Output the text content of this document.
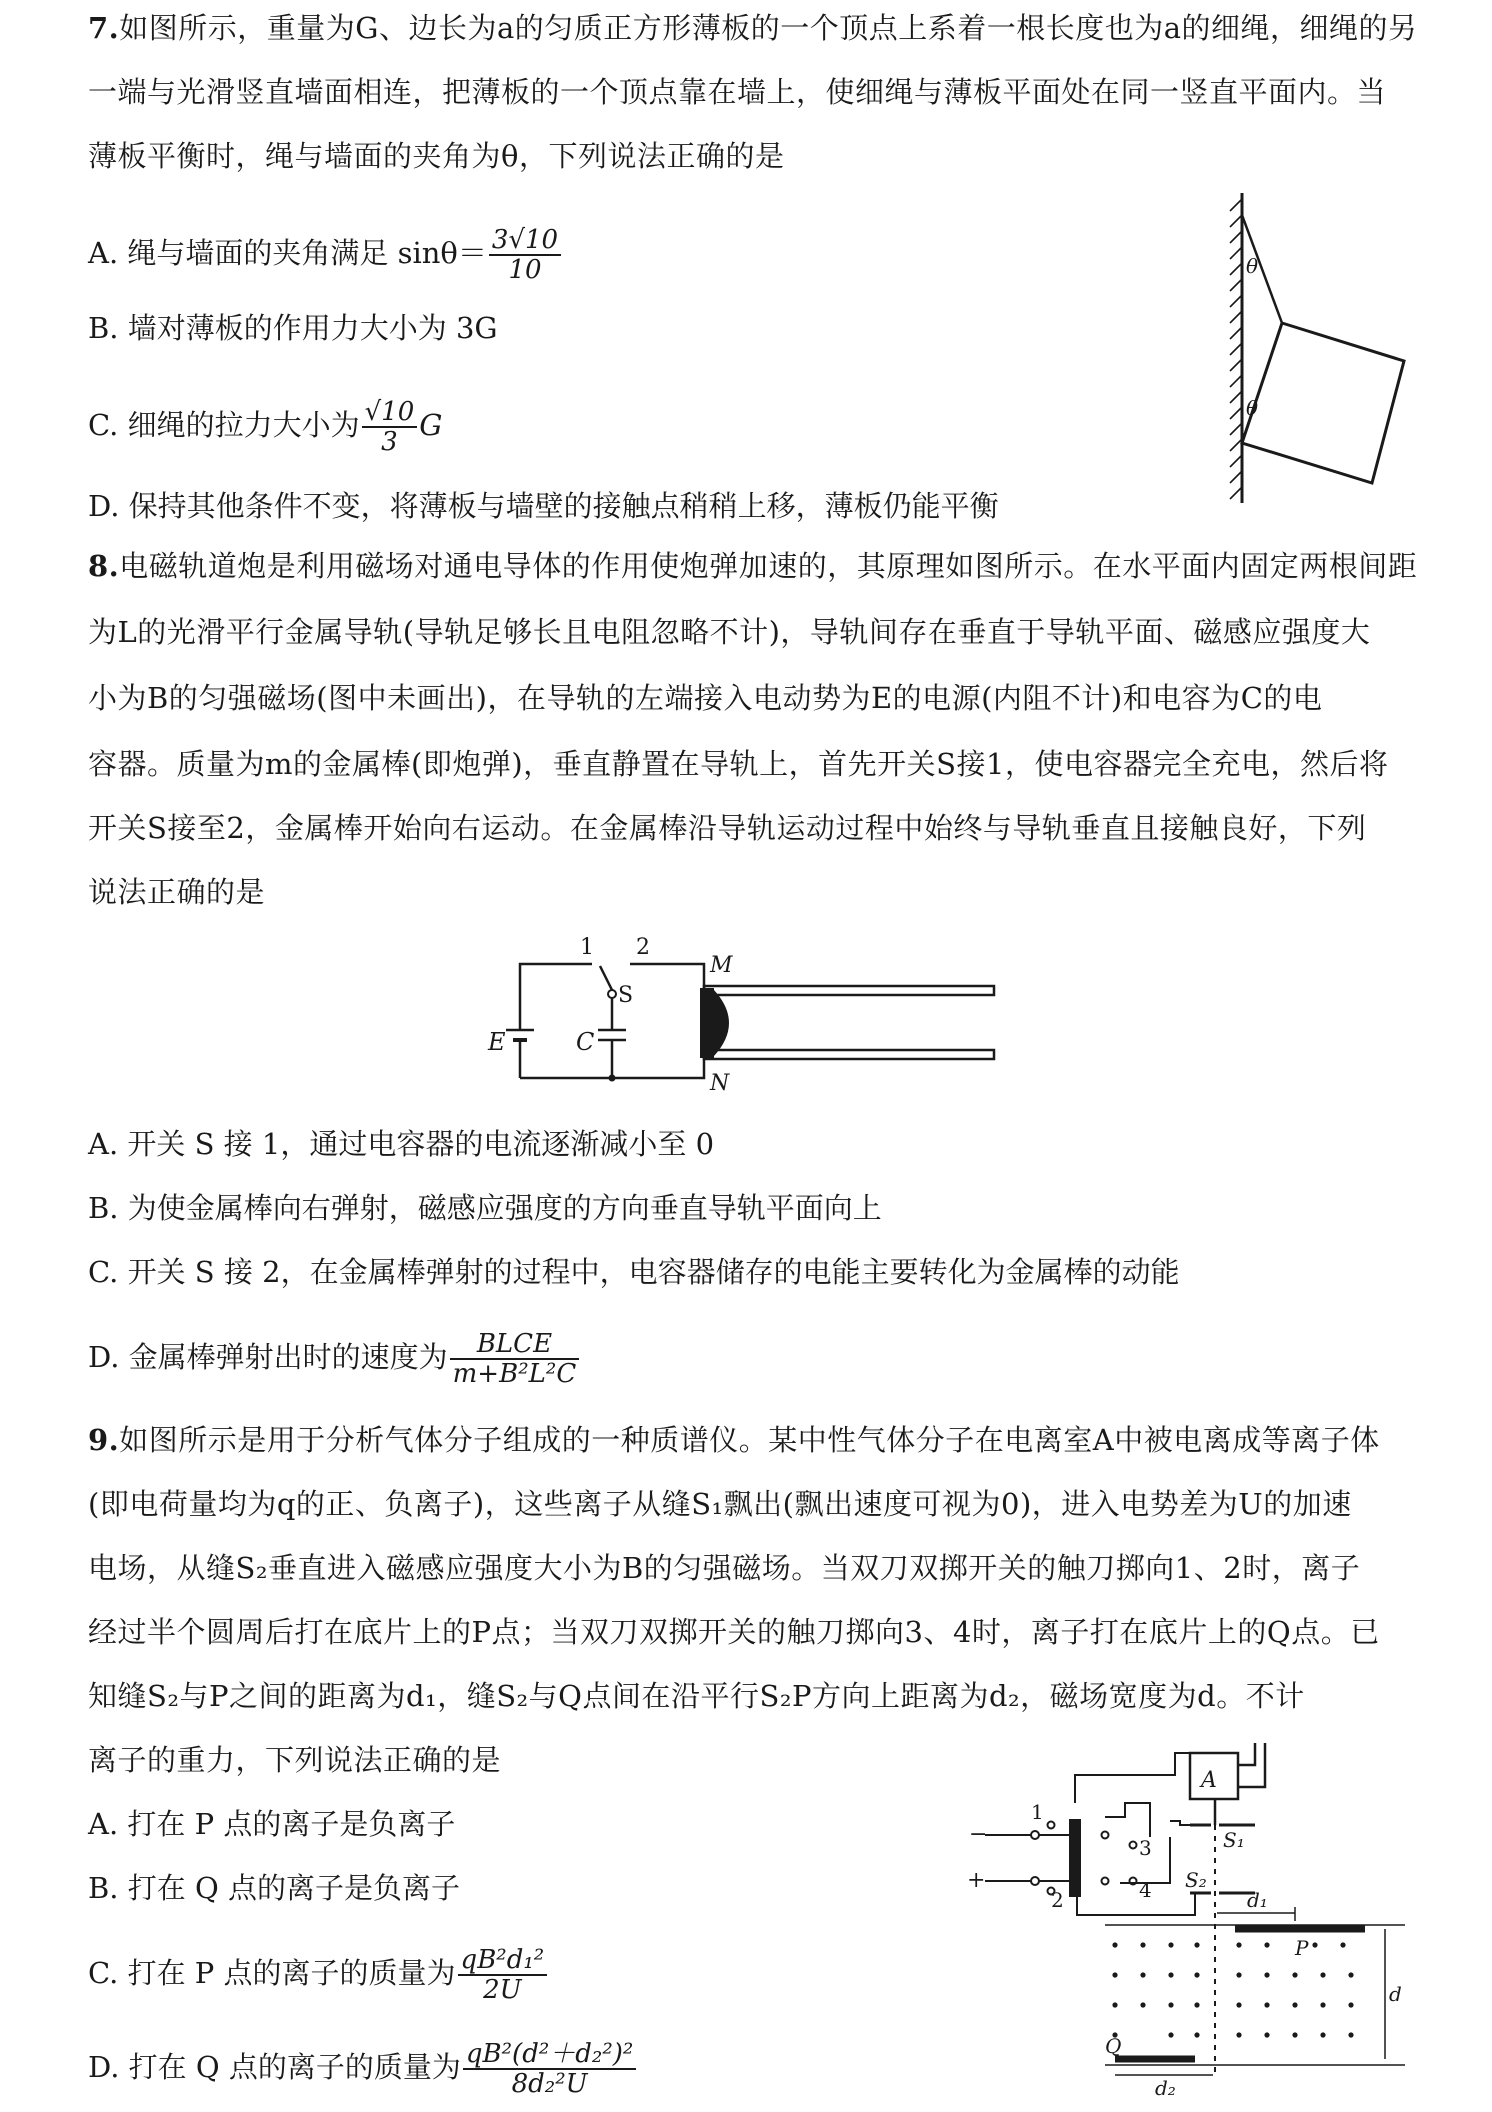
7.如图所示，重量为G、边长为a的匀质正方形薄板的一个顶点上系着一根长度也为a的细绳，细绳的另
一端与光滑竖直墙面相连，把薄板的一个顶点靠在墙上，使细绳与薄板平面处在同一竖直平面内。当
薄板平衡时，绳与墙面的夹角为θ，下列说法正确的是
A. 绳与墙面的夹角满足 $\sin\theta= \frac{3√10}{10}$
B. 墙对薄板的作用力大小为 3G
C. 细绳的拉力大小为 $\frac{√10}{3}$ G
D. 保持其他条件不变，将薄板与墙壁的接触点稍稍上移，薄板仍能平衡
θ
θ
8.电磁轨道炮是利用磁场对通电导体的作用使炮弹加速的，其原理如图所示。在水平面内固定两根间距
为L的光滑平行金属导轨(导轨足够长且电阻忽略不计)，导轨间存在垂直于导轨平面、磁感应强度大
小为B的匀强磁场(图中未画出)，在导轨的左端接入电动势为E的电源(内阻不计)和电容为C的电
容器。质量为m的金属棒(即炮弹)，垂直静置在导轨上，首先开关S接1，使电容器完全充电，然后将
开关S接至2，金属棒开始向右运动。在金属棒沿导轨运动过程中始终与导轨垂直且接触良好，下列
说法正确的是
1 2
S
M
N
E	C
A. 开关 S 接 1，通过电容器的电流逐渐减小至 0
B. 为使金属棒向右弹射，磁感应强度的方向垂直导轨平面向上
C. 开关 S 接 2，在金属棒弹射的过程中，电容器储存的电能主要转化为金属棒的动能
D. 金属棒弹射出时的速度为 $\frac{\text{BLCE}}{\text{m+B²L²C}}$
9.如图所示是用于分析气体分子组成的一种质谱仪。某中性气体分子在电离室A中被电离成等离子体
(即电荷量均为q的正、负离子)，这些离子从缝S₁飘出(飘出速度可视为0)，进入电势差为U的加速
电场，从缝S₂垂直进入磁感应强度大小为B的匀强磁场。当双刀双掷开关的触刀掷向1、2时，离子
经过半个圆周后打在底片上的P点；当双刀双掷开关的触刀掷向3、4时，离子打在底片上的Q点。已
知缝S₂与P之间的距离为d₁，缝S₂与Q点间在沿平行S₂P方向上距离为d₂，磁场宽度为d。不计
离子的重力，下列说法正确的是
A. 打在 P 点的离子是负离子
B. 打在 Q 点的离子是负离子
C. 打在 P 点的离子的质量为 $\frac{\text{qB²d₁²}}{2U}$
D. 打在 Q 点的离子的质量为 $\frac{\text{qB²(d²＋d₂²)²}}{\text{8d₂²U}}$
A
S₁
S₂
P
Q
d
d₁
d₂
1
2
3
4
−
+
